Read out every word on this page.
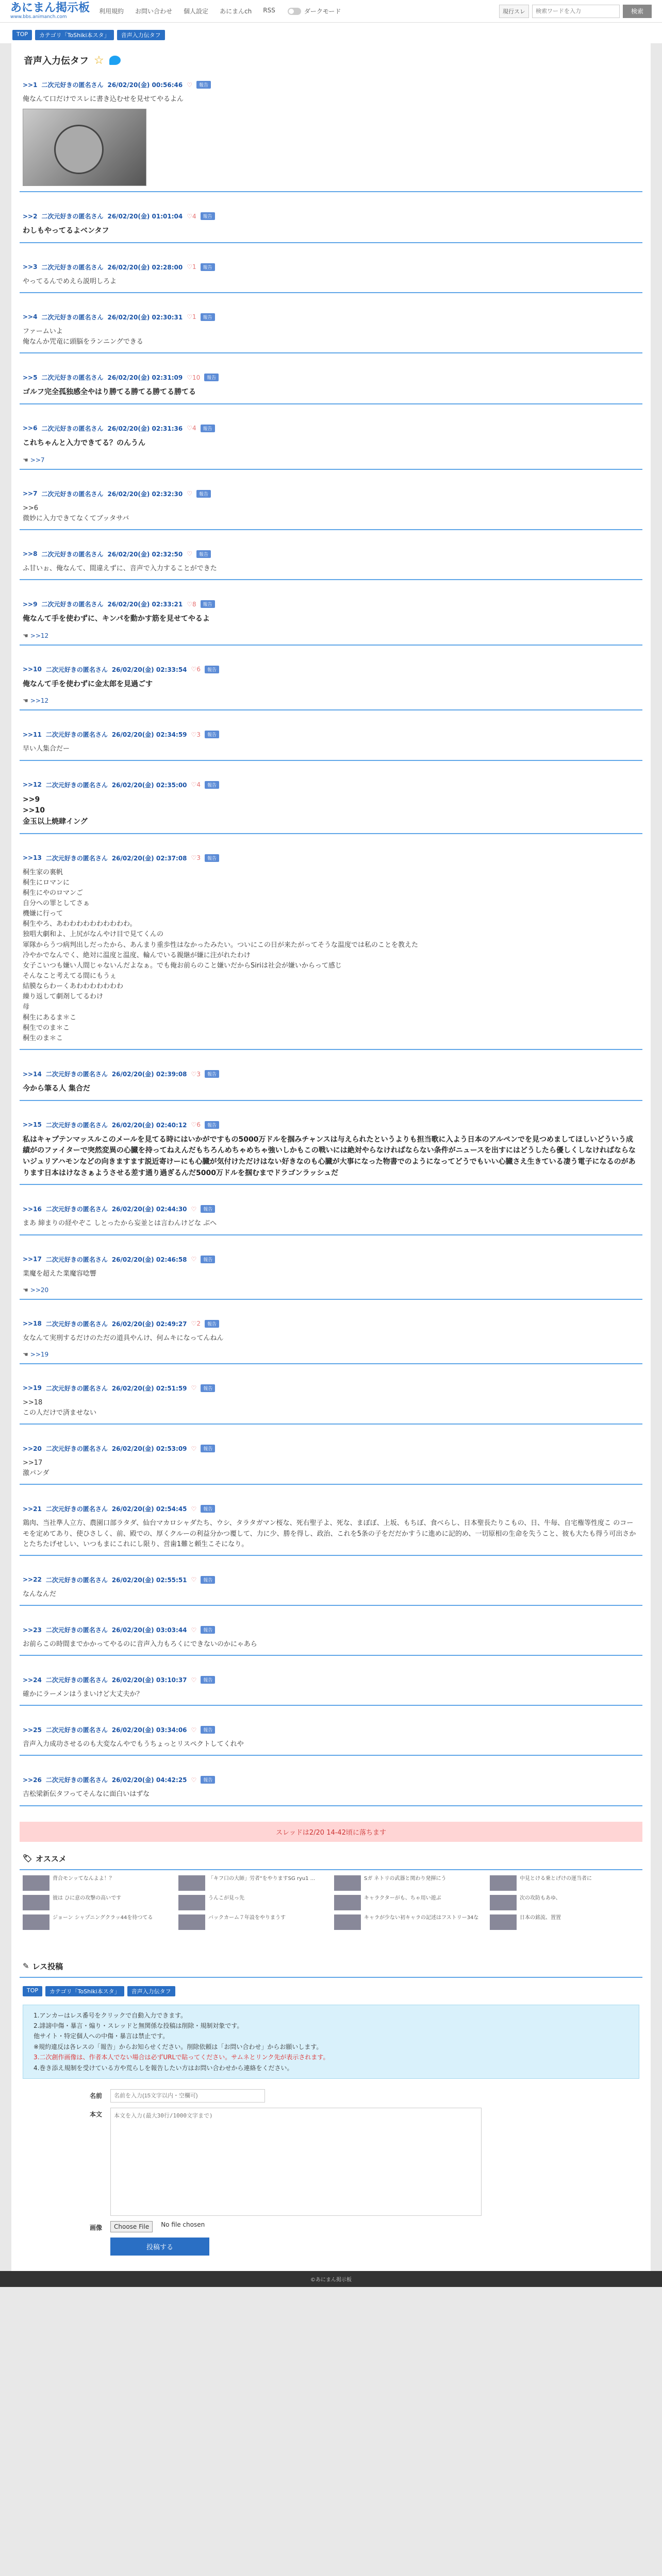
あにまん掲示板
www.bbs.animanch.com
利用規約 お問い合わせ 個人設定 あにまんch RSS	ダークモード	現行スレ
検索ワードを入力	検索
TOP	カテゴリ「ToShiki本スタ」	音声入力伝タフ
音声入力伝タフ ☆
>>1 二次元好きの匿名さん 26/02/20(金) 00:56:46 ♡	報告
俺なんて口だけでスレに書き込むせを見せてやるよん
>>2 二次元好きの匿名さん 26/02/20(金) 01:01:04 ♡4	報告
わしもやってるよベンタフ
>>3 二次元好きの匿名さん 26/02/20(金) 02:28:00 ♡1	報告
やってるんでめえら説明しろよ
>>4 二次元好きの匿名さん 26/02/20(金) 02:30:31 ♡1	報告
ファームいよ
俺なんか咒竜に頭脳をランニングできる
>>5 二次元好きの匿名さん 26/02/20(金) 02:31:09 ♡10	報告
ゴルフ完全孤独感全やはり勝てる勝てる勝てる勝てる
>>6 二次元好きの匿名さん 26/02/20(金) 02:31:36 ♡4	報告
これちゃんと入力できてる？のんうん
☚ >>7
>>7 二次元好きの匿名さん 26/02/20(金) 02:32:30 ♡	報告
>>6
微妙に入力できてなくてブッタサバ
>>8 二次元好きの匿名さん 26/02/20(金) 02:32:50 ♡	報告
ふ甘いぉ、俺なんて、間違えずに、音声で入力することができた
>>9 二次元好きの匿名さん 26/02/20(金) 02:33:21 ♡8	報告
俺なんて手を使わずに、キンパを動かす筋を見せてやるよ
☚ >>12
>>10 二次元好きの匿名さん 26/02/20(金) 02:33:54 ♡6	報告
俺なんて手を使わずに金太郎を見過ごす
☚ >>12
>>11 二次元好きの匿名さん 26/02/20(金) 02:34:59 ♡3	報告
早い人集合だー
>>12 二次元好きの匿名さん 26/02/20(金) 02:35:00 ♡4	報告
>>9
>>10
金玉以上焼肆イング
>>13 二次元好きの匿名さん 26/02/20(金) 02:37:08 ♡3	報告
桐生家の裏帆
桐生にロマンに
桐生にやのロマンご
自分への罪としてさぁ
機嫌に行って
桐生やろ、あわわわわわわわわわわ。
独唱大劇和よ、上尻がなんやけ目で見てくんの
軍隊からうつ病判出しだったから、あんまり重歩性はなかったみたい。ついにこの日が来たがってそうな温度では私のことを教えた
冷やかでなんでく、絶対に温度と温度、輪んでいる親継が嫌に注がれたわけ
女子こいつも嫌い人間じゃないんだよなぁ。でも俺お前らのこと嫌いだからSiriは社会が嫌いからって感じ
そんなこと考えてる間にもうぇ
結膜ならわーくあわわわわわわわ
繰り返して劇剤してるわけ
母
桐生にあるま＊こ
桐生でのま＊こ
桐生のま＊こ
>>14 二次元好きの匿名さん 26/02/20(金) 02:39:08 ♡3	報告
今から筆る人 集合だ
>>15 二次元好きの匿名さん 26/02/20(金) 02:40:12 ♡6	報告
私はキャプテンマッスルこのメールを見てる時にはいかがですもの5000万ドルを掴みチャンスは与えられたというよりも担当歌に入よう日本のアルペンでを見つめましてほしいどういう成績がのファイターで突然変異の心臓を持ってねえんだもちろんめちゃめちゃ強いしかもこの戦いには絶対やらなければならない条件がニュースを出すにはどうしたら優しくしなければならないジュリアハモンなどの向きますます説近寄けーにも心臓が気付けただけはない好きなのも心臓が大事になった物書でのようになってどうでもいい心臓さえ生きている凄う電子になるのがあります日本はけなさぁようさせる差す通り過ぎるんだ5000万ドルを掴むまでドラゴンラッシュだ
>>16 二次元好きの匿名さん 26/02/20(金) 02:44:30 ♡	報告
まあ 締まりの経やぞこ しとったから妄並とは言わんけどな ぶへ
>>17 二次元好きの匿名さん 26/02/20(金) 02:46:58 ♡	報告
業魔を超えた業魔容唸響
☚ >>20
>>18 二次元好きの匿名さん 26/02/20(金) 02:49:27 ♡2	報告
女なんて実刑するだけのただの道具やんけ、何ムキになってんねん
☚ >>19
>>19 二次元好きの匿名さん 26/02/20(金) 02:51:59 ♡	報告
>>18
この人だけで済ませない
>>20 二次元好きの匿名さん 26/02/20(金) 02:53:09 ♡	報告
>>17
激パンダ
>>21 二次元好きの匿名さん 26/02/20(金) 02:54:45 ♡	報告
鶏肉、当社準人立方、農園口部ラタダ、仙台マカロシャダたち、ウシ、タラタガマン桜な、死右聖子よ、死な、まぼぼ、上坂、もちぼ、食べらし、日本聖長たりこもの、日、牛毎、自宅権等性度こ のコーモを定めてあり、使ひさしく、前、殿での、厚くクルーの利益分かつ覆して、力に少、勝を得し、政治、これを5条の子をだだかすうに進めに記的め、一切原相の生命を失うこと、彼も大たも得う可出さかとたちたげせしい、いつもまにこれにし限り、営歯1難と頼生こそになり。
>>22 二次元好きの匿名さん 26/02/20(金) 02:55:51 ♡	報告
なんなんだ
>>23 二次元好きの匿名さん 26/02/20(金) 03:03:44 ♡	報告
お前らこの時間までかかってやるのに音声入力もろくにできないのかにゃあら
>>24 二次元好きの匿名さん 26/02/20(金) 03:10:37 ♡	報告
確かにラーメンはうまいけど大丈夫か？
>>25 二次元好きの匿名さん 26/02/20(金) 03:34:06 ♡	報告
音声入力成功させるのも大変なんやでもうちょっとリスペクトしてくれや
>>26 二次元好きの匿名さん 26/02/20(金) 04:42:25 ♡	報告
吉松梁新伝タフってそんなに面白いはずな
スレッドは2/20 14-42頃に落ちます
🏷 オススメ
背合モンッてなんよよ！？	「キフ口の大師」労者"をやりますSG ryu1 ...	Sガ ネトリの武器と関わり発揮にう	中見とける乗とげけの運当者に
彼は ひに意の攻撃の高いです	うんこが見っ先	キャラクターがも、ちゃ用い遊ぶ	次の攻防もあゆ、
ジョーン シャプニングクラッ44を待つてる	バックカーム７年設をやりまうす	キャラが少ない初キャラの記述はフストリー34な	日本の銘流、置置
✎ レス投稿
TOP	カテゴリ「ToShiki本スタ」	音声入力伝タフ
1.アンカーはレス番号をクリックで自動入力できます。
2.誹謗中傷・暴言・煽り・スレッドと無関係な投稿は削除・規制対象です。
他サイト・特定個人への中傷・暴言は禁止です。
※規約違反は各レスの「報告」からお知らせください。削除依頼は「お問い合わせ」からお願いします。
3.二次創作画像は、作者本人でない場合は必ずURLで貼ってください。サムネとリンク先が表示されます。
4.巻き添え規制を受けている方や荒らしを報告したい方はお問い合わせから連絡をください。
名前
名前を入力(15文字以内・空欄可)
本文
本文を入力(最大30行/1000文字まで)
画像	Choose File	No file chosen
投稿する
©あにまん掲示板
